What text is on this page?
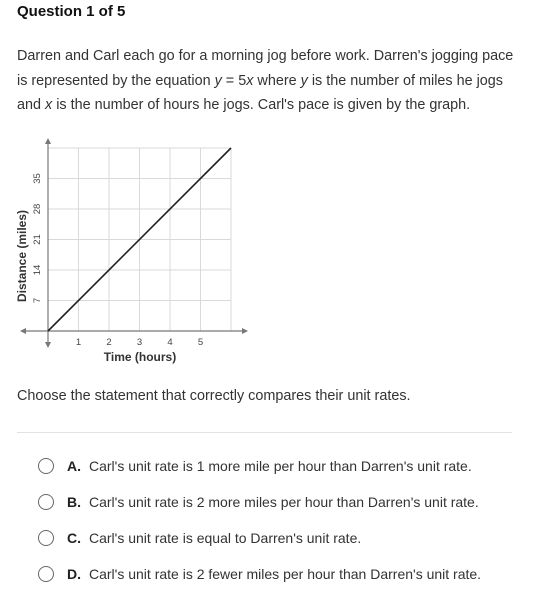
Question 1 of 5
Darren and Carl each go for a morning jog before work. Darren's jogging pace is represented by the equation y = 5x where y is the number of miles he jogs and x is the number of hours he jogs. Carl's pace is given by the graph.
1	2	3	4	5
7
14
21
28
35
Time (hours)
Distance (miles)
Choose the statement that correctly compares their unit rates.
A. Carl's unit rate is 1 more mile per hour than Darren's unit rate.
B. Carl's unit rate is 2 more miles per hour than Darren's unit rate.
C. Carl's unit rate is equal to Darren's unit rate.
D. Carl's unit rate is 2 fewer miles per hour than Darren's unit rate.
